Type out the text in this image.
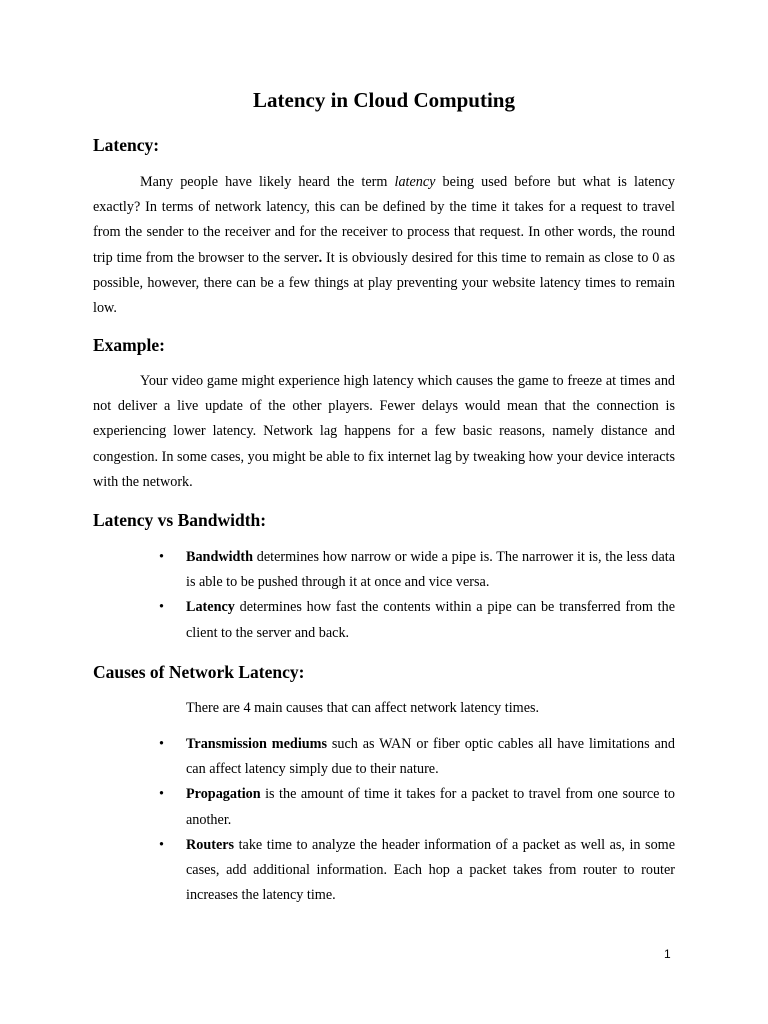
Latency in Cloud Computing
Latency:

Many people have likely heard the term latency being used before but what is latency exactly? In terms of network latency, this can be defined by the time it takes for a request to travel from the sender to the receiver and for the receiver to process that request. In other words, the round trip time from the browser to the server. It is obviously desired for this time to remain as close to 0 as possible, however, there can be a few things at play preventing your website latency times to remain low.

Example:

Your video game might experience high latency which causes the game to freeze at times and not deliver a live update of the other players. Fewer delays would mean that the connection is experiencing lower latency. Network lag happens for a few basic reasons, namely distance and congestion. In some cases, you might be able to fix internet lag by tweaking how your device interacts with the network.

Latency vs Bandwidth:
• Bandwidth determines how narrow or wide a pipe is. The narrower it is, the less data is able to be pushed through it at once and vice versa.
• Latency determines how fast the contents within a pipe can be transferred from the client to the server and back.
Causes of Network Latency:

There are 4 main causes that can affect network latency times.

• Transmission mediums such as WAN or fiber optic cables all have limitations and can affect latency simply due to their nature.
• Propagation is the amount of time it takes for a packet to travel from one source to another.
• Routers take time to analyze the header information of a packet as well as, in some cases, add additional information. Each hop a packet takes from router to router increases the latency time.

1
